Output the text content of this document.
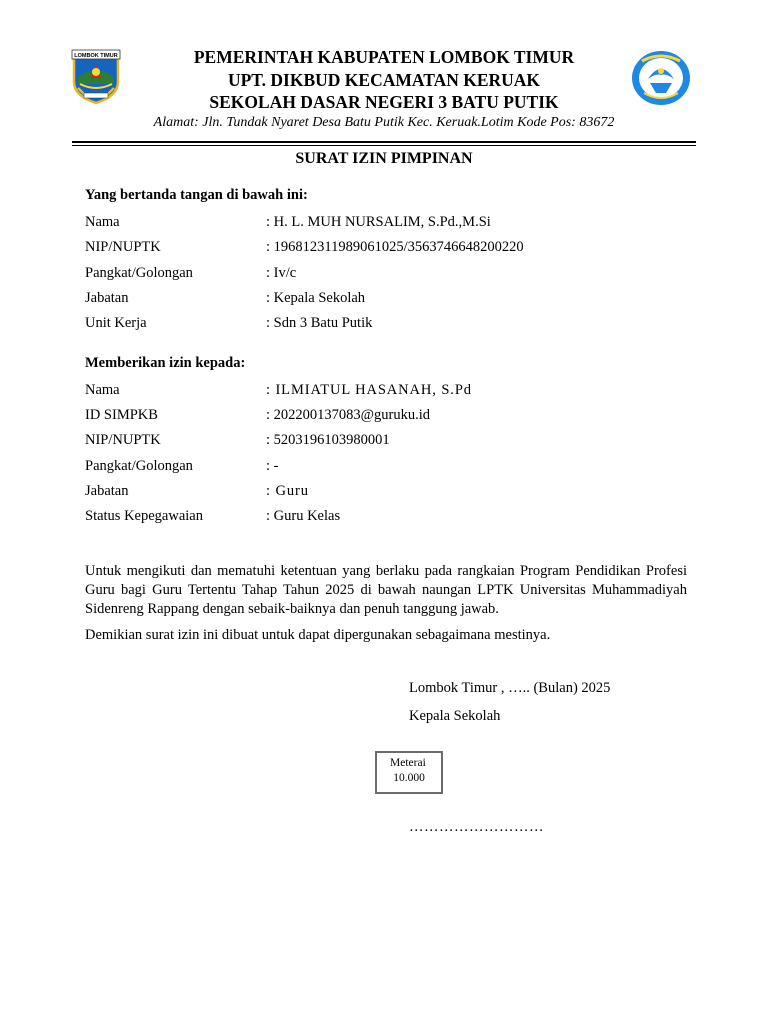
LOMBOK TIMUR	PEMERINTAH KABUPATEN LOMBOK TIMUR
UPT. DIKBUD KECAMATAN KERUAK
SEKOLAH DASAR NEGERI 3 BATU PUTIK
Alamat: Jln. Tundak Nyaret Desa Batu Putik Kec. Keruak.Lotim Kode Pos: 83672
SURAT IZIN PIMPINAN
Yang bertanda tangan di bawah ini:
Nama	: H. L. MUH NURSALIM, S.Pd.,M.Si
NIP/NUPTK	: 196812311989061025/3563746648200220
Pangkat/Golongan	: Iv/c
Jabatan	: Kepala Sekolah
Unit Kerja	: Sdn 3 Batu Putik
Memberikan izin kepada:
Nama	: ILMIATUL HASANAH, S.Pd
ID SIMPKB	: 202200137083@guruku.id
NIP/NUPTK	: 5203196103980001
Pangkat/Golongan	: -
Jabatan	: Guru
Status Kepegawaian	: Guru Kelas
Untuk mengikuti dan mematuhi ketentuan yang berlaku pada rangkaian Program Pendidikan Profesi Guru bagi Guru Tertentu Tahap Tahun 2025 di bawah naungan LPTK Universitas Muhammadiyah Sidenreng Rappang dengan sebaik-baiknya dan penuh tanggung jawab.
Demikian surat izin ini dibuat untuk dapat dipergunakan sebagaimana mestinya.
Lombok Timur , ….. (Bulan) 2025
Kepala Sekolah
Meterai
10.000
………………………
